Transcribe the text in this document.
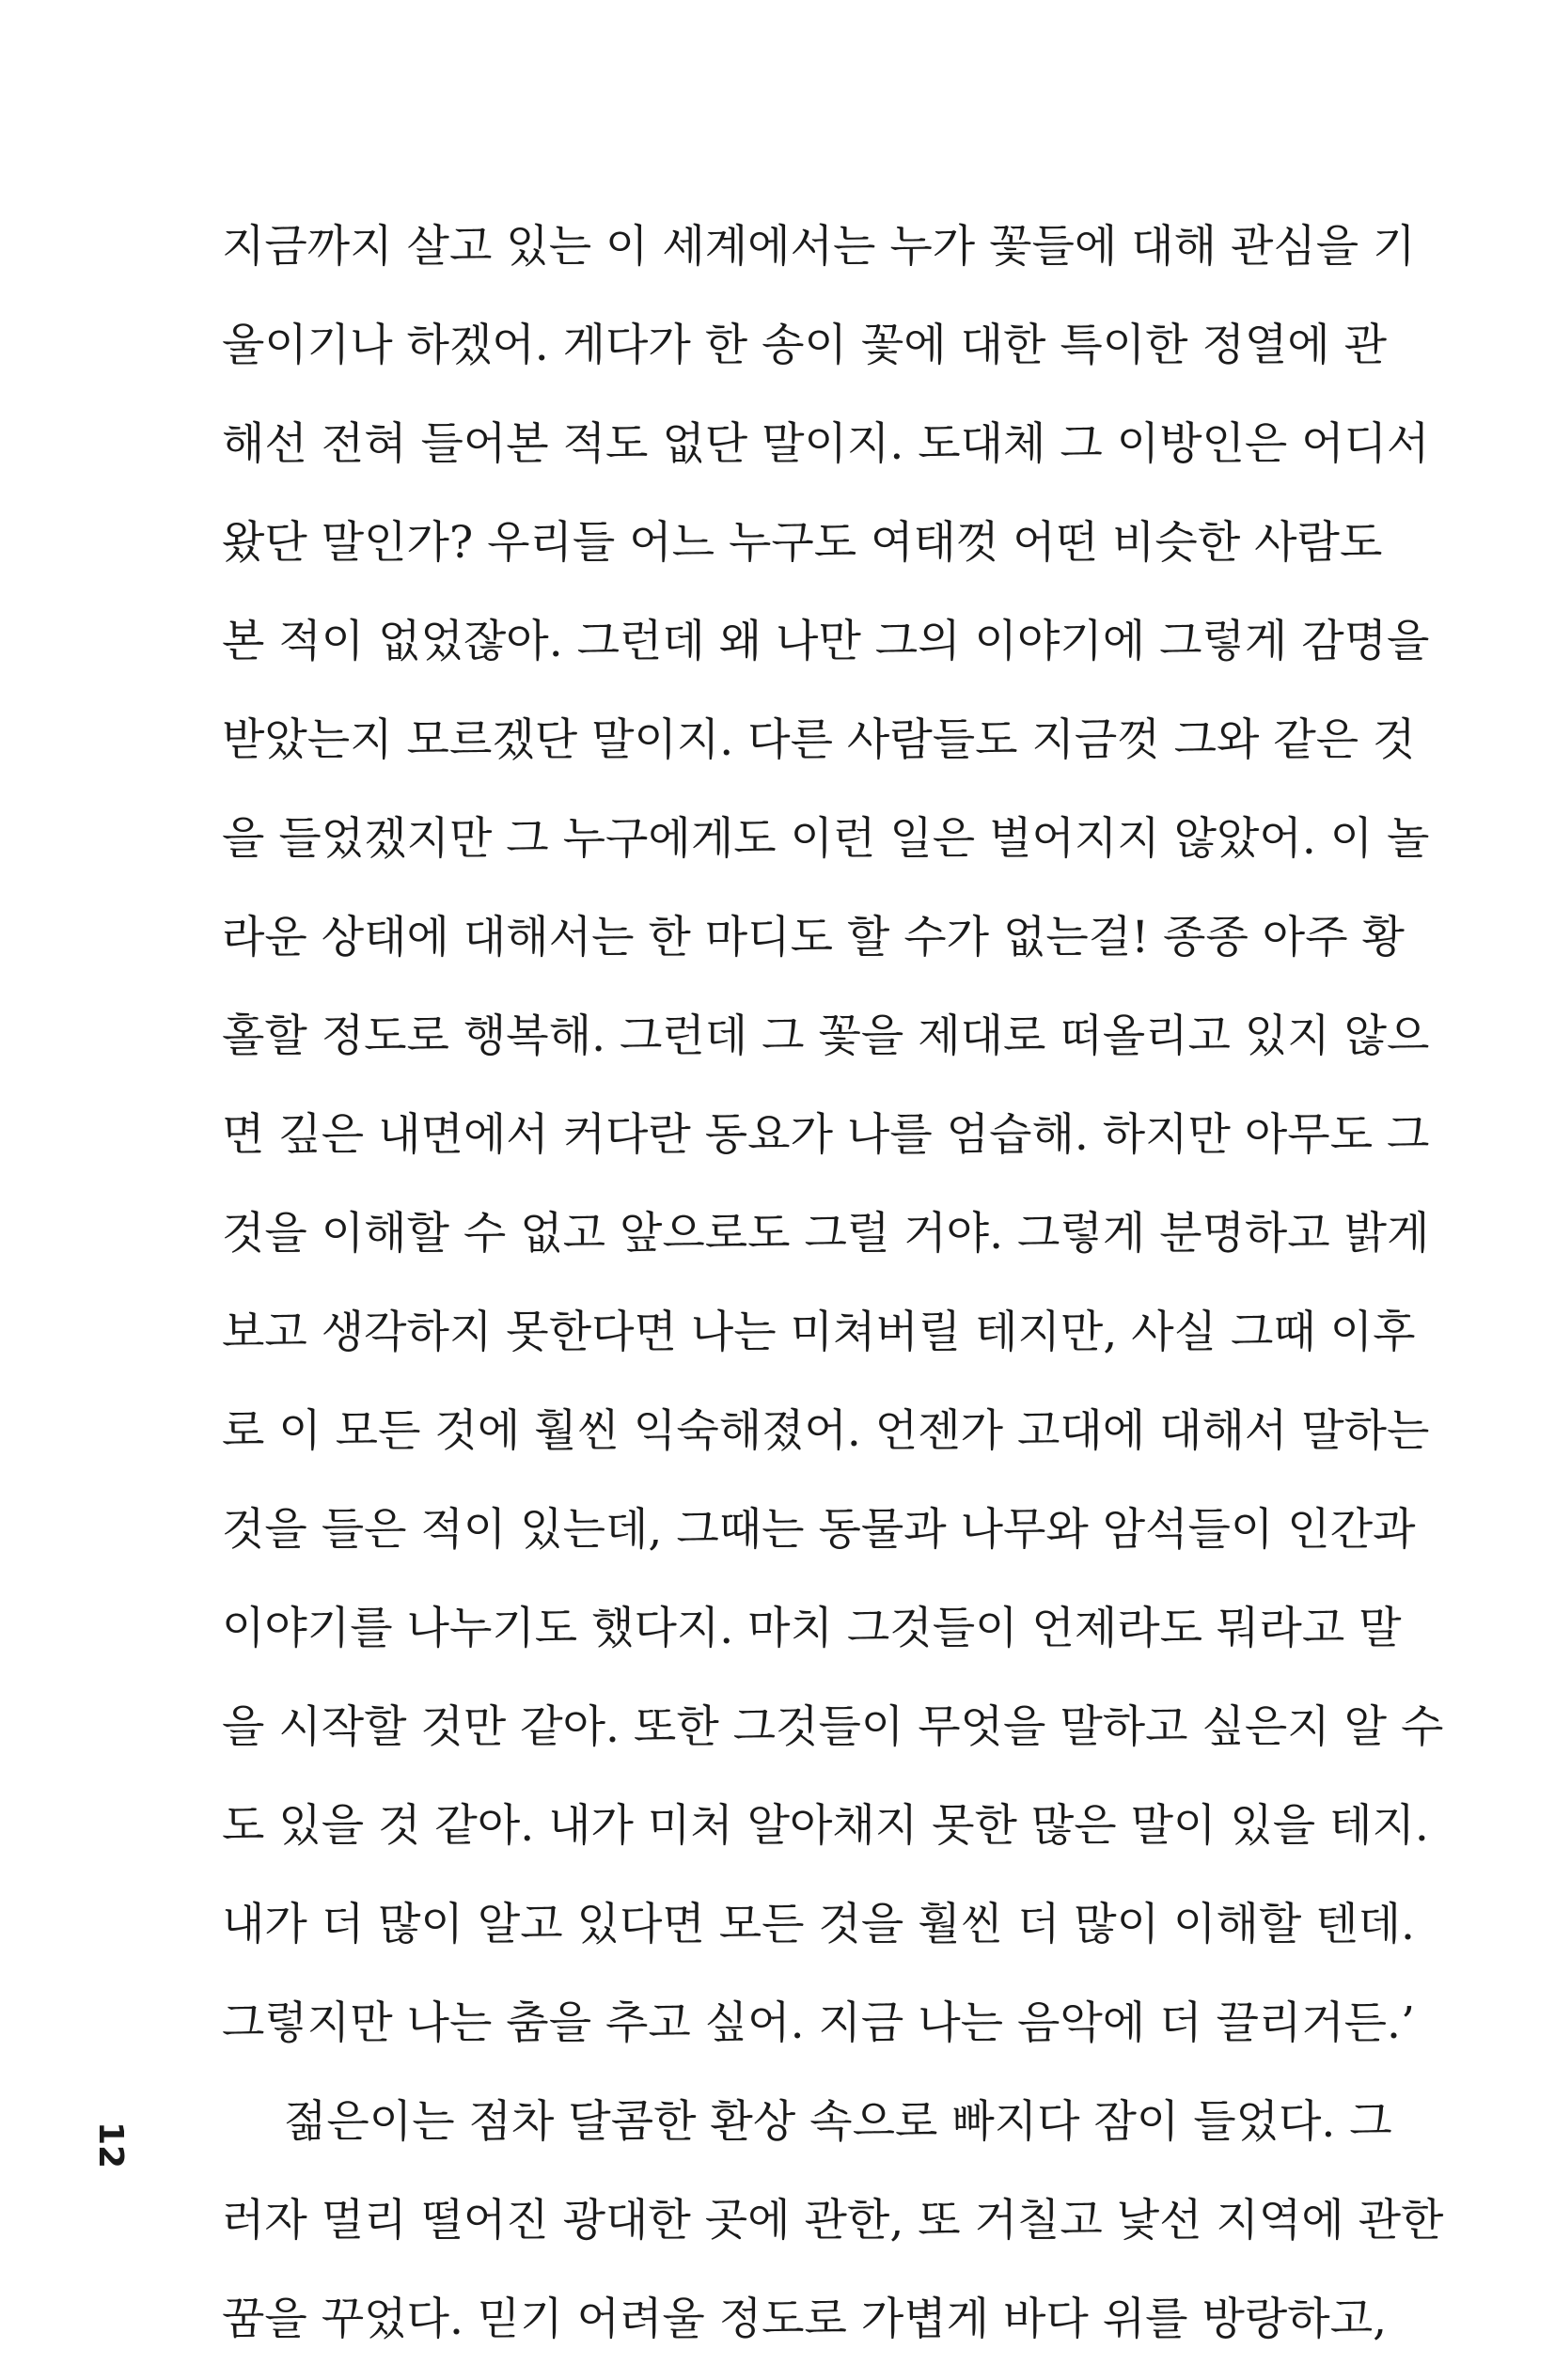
지금까지 살고 있는 이 세계에서는 누가 꽃들에 대해 관심을 기
울이기나 하겠어. 게다가 한 송이 꽃에 대한 특이한 정열에 관
해선 전혀 들어본 적도 없단 말이지. 도대체 그 이방인은 어디서
왔단 말인가? 우리들 어느 누구도 여태껏 어떤 비슷한 사람도
본 적이 없었잖아. 그런데 왜 나만 그의 이야기에 그렇게 감명을
받았는지 모르겠단 말이지. 다른 사람들도 지금껏 그와 같은 것
을 들었겠지만 그 누구에게도 이런 일은 벌어지지 않았어. 이 놀
라운 상태에 대해서는 한 마디도 할 수가 없는걸! 종종 아주 황
홀할 정도로 행복해. 그런데 그 꽃을 제대로 떠올리고 있지 않으
면 깊은 내면에서 커다란 동요가 나를 엄습해. 하지만 아무도 그
것을 이해할 수 없고 앞으로도 그럴 거야. 그렇게 분명하고 밝게
보고 생각하지 못한다면 나는 미쳐버릴 테지만, 사실 그때 이후
로 이 모든 것에 훨씬 익숙해졌어. 언젠가 고대에 대해서 말하는
것을 들은 적이 있는데, 그때는 동물과 나무와 암석들이 인간과
이야기를 나누기도 했다지. 마치 그것들이 언제라도 뭐라고 말
을 시작할 것만 같아. 또한 그것들이 무엇을 말하고 싶은지 알 수
도 있을 것 같아. 내가 미처 알아채지 못한 많은 말이 있을 테지.
내가 더 많이 알고 있다면 모든 것을 훨씬 더 많이 이해할 텐데.
그렇지만 나는 춤을 추고 싶어. 지금 나는 음악에 더 끌리거든.’
젊은이는 점차 달콤한 환상 속으로 빠지다 잠이 들었다. 그
러자 멀리 떨어진 광대한 곳에 관한, 또 거칠고 낯선 지역에 관한
꿈을 꾸었다. 믿기 어려울 정도로 가볍게 바다 위를 방랑하고,
12
